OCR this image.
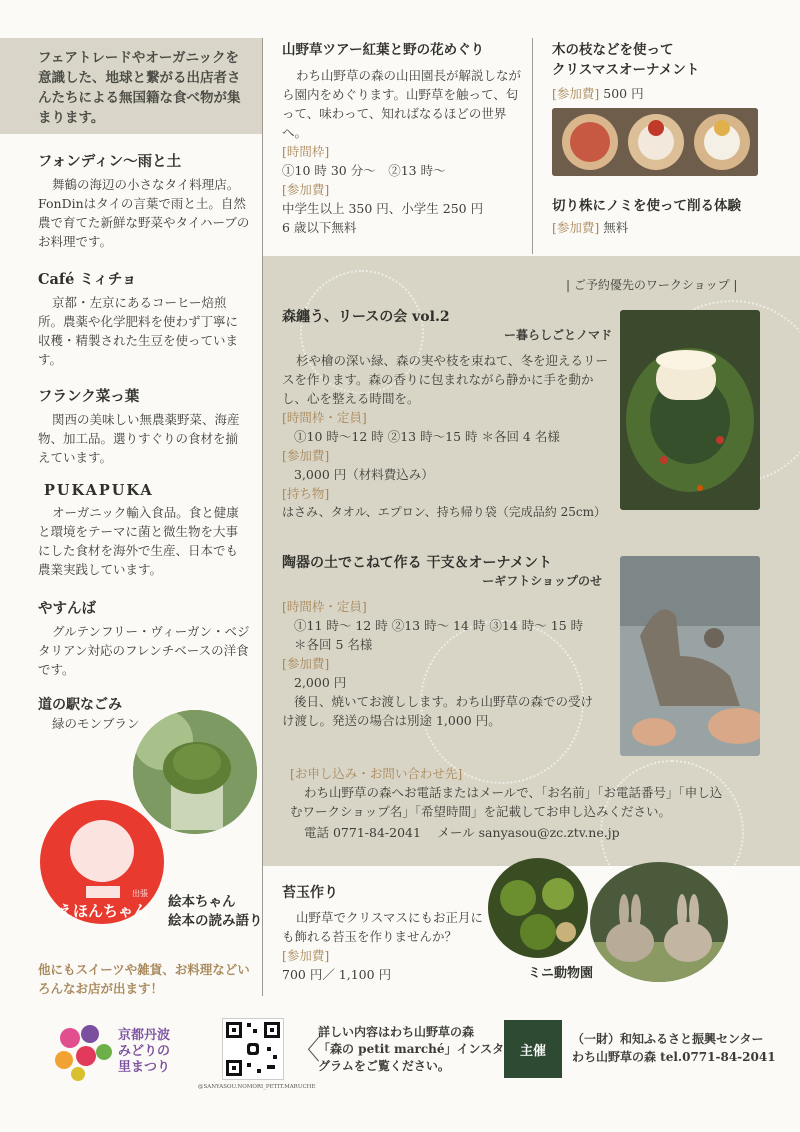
フェアトレードやオーガニックを意識した、地球と繋がる出店者さんたちによる無国籍な食べ物が集まります。

フォンディン〜雨と土

舞鶴の海辺の小さなタイ料理店。FonDinはタイの言葉で雨と土。自然農で育てた新鮮な野菜やタイハーブのお料理です。

Café ミィチョ

京都・左京にあるコーヒー焙煎所。農薬や化学肥料を使わず丁寧に収穫・精製された生豆を使っています。

フランク菜っ葉

関西の美味しい無農薬野菜、海産物、加工品。選りすぐりの食材を揃えています。

PUKAPUKA

オーガニック輸入食品。食と健康と環境をテーマに菌と微生物を大事にした食材を海外で生産、日本でも農業実践しています。

やすんば

グルテンフリー・ヴィーガン・ベジタリアン対応のフレンチベースの洋食です。

道の駅なごみ
緑のモンブラン
えほんちゃん
出張
絵本ちゃん
絵本の読み語り
他にもスイーツや雑貨、お料理などいろんなお店が出ます！
山野草ツアー紅葉と野の花めぐり
わち山野草の森の山田園長が解説しながら園内をめぐります。山野草を触って、匂って、味わって、知ればなるほどの世界へ。
[時間枠]
①10 時 30 分〜　②13 時〜
[参加費]
中学生以上 350 円、小学生 250 円
6 歳以下無料
木の枝などを使って
クリスマスオーナメント
[参加費] 500 円
切り株にノミを使って削る体験
[参加費] 無料
| ご予約優先のワークショップ |
森纏う、リースの会 vol.2
ー暮らしごとノマド
杉や檜の深い緑、森の実や枝を束ねて、冬を迎えるリースを作ります。森の香りに包まれながら静かに手を動かし、心を整える時間を。
[時間枠・定員]
①10 時〜12 時 ②13 時〜15 時 ＊各回 4 名様
[参加費]
3,000 円（材料費込み）
[持ち物]
はさみ、タオル、エプロン、持ち帰り袋（完成品約 25cm）
陶器の土でこねて作る 干支＆オーナメント
ーギフトショップのせ
[時間枠・定員]
①11 時〜 12 時 ②13 時〜 14 時 ③14 時〜 15 時
＊各回 5 名様
[参加費]
2,000 円
後日、焼いてお渡しします。わち山野草の森での受け
け渡し。発送の場合は別途 1,000 円。
[お申し込み・お問い合わせ先]
わち山野草の森へお電話またはメールで、「お名前」「お電話番号」「申し込
むワークショップ名」「希望時間」を記載してお申し込みください。
電話 0771-84-2041　 メール sanyasou@zc.ztv.ne.jp
苔玉作り
山野草でクリスマスにもお正月にも飾れる苔玉を作りませんか？
[参加費]
700 円／ 1,100 円	ミニ動物園
京都丹波
みどりの
里まつり
@SANYASOU.NOMORI_PETIT.MARUCHE
〈
詳しい内容はわち山野草の森
「森の petit marché」インスタ
グラムをご覧ください。
主催
（一財）和知ふるさと振興センター
わち山野草の森 tel.0771-84-2041
